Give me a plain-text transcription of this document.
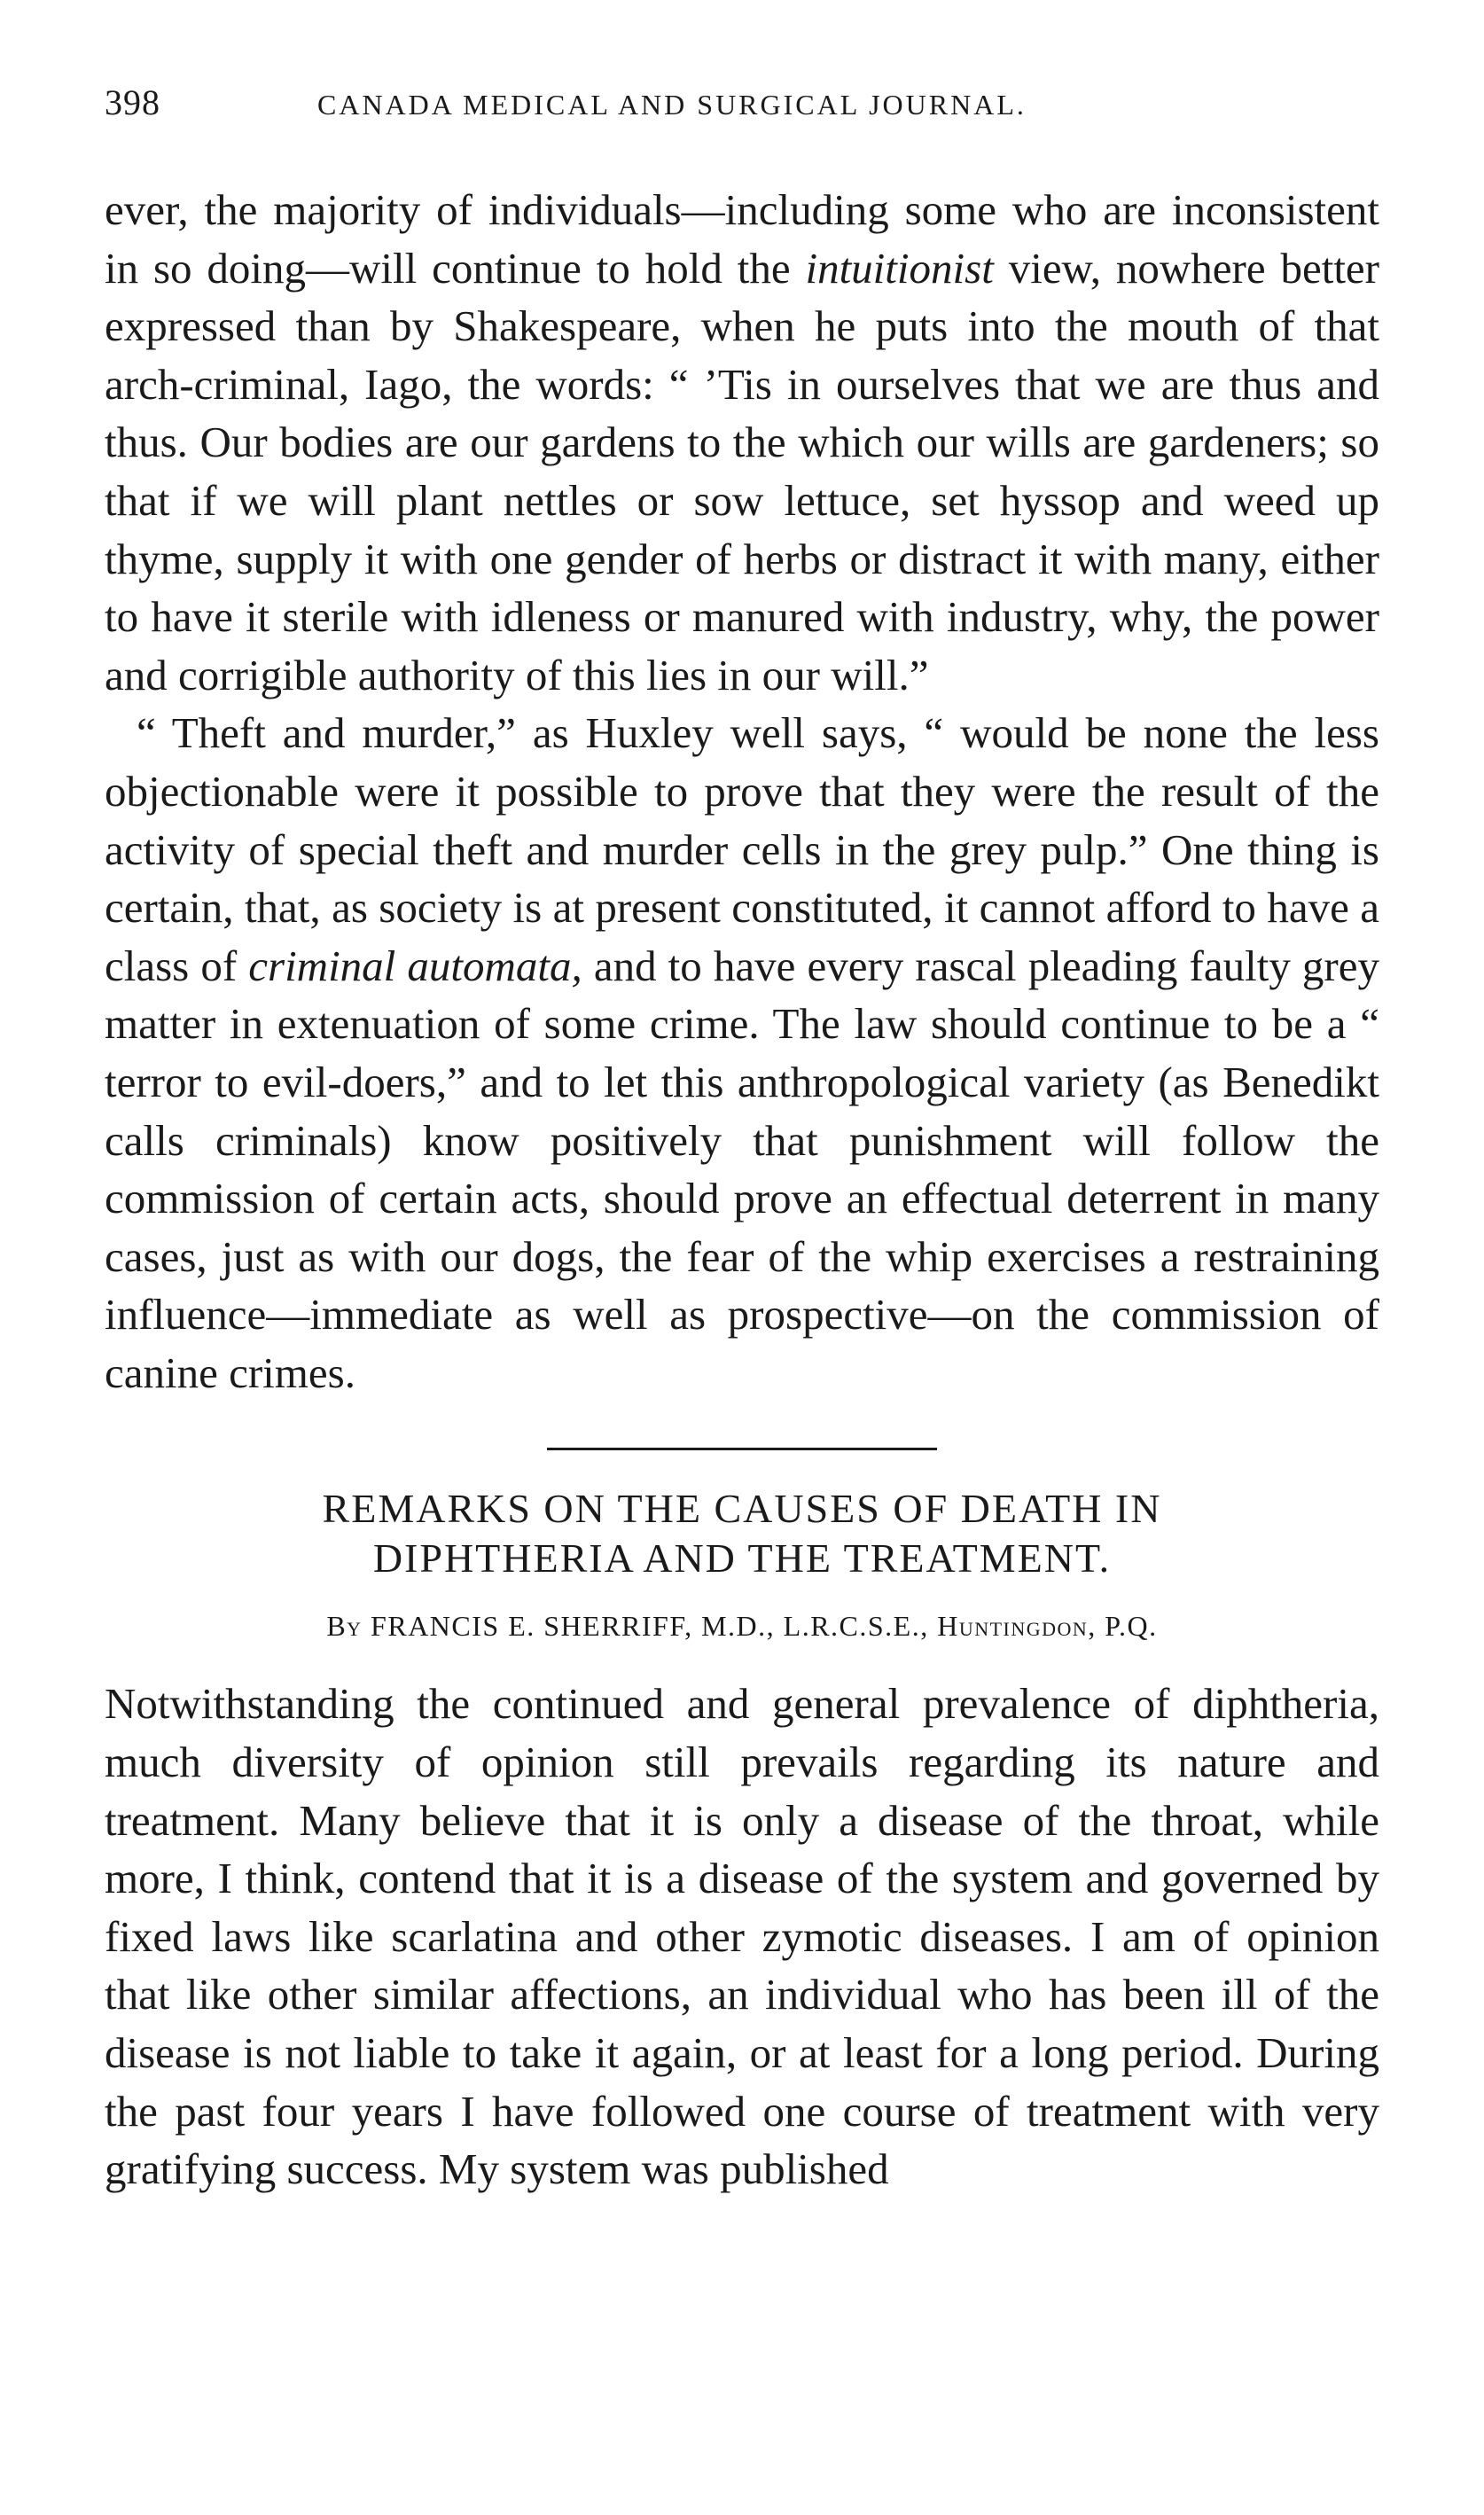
398	CANADA MEDICAL AND SURGICAL JOURNAL.

ever, the majority of individuals—including some who are inconsistent in so doing—will continue to hold the intuitionist view, nowhere better expressed than by Shakespeare, when he puts into the mouth of that arch-criminal, Iago, the words: “ ’Tis in ourselves that we are thus and thus. Our bodies are our gardens to the which our wills are gardeners; so that if we will plant nettles or sow lettuce, set hyssop and weed up thyme, supply it with one gender of herbs or distract it with many, either to have it sterile with idleness or manured with industry, why, the power and corrigible authority of this lies in our will.”

“ Theft and murder,” as Huxley well says, “ would be none the less objectionable were it possible to prove that they were the result of the activity of special theft and murder cells in the grey pulp.” One thing is certain, that, as society is at present constituted, it cannot afford to have a class of criminal automata, and to have every rascal pleading faulty grey matter in extenuation of some crime. The law should continue to be a “ terror to evil-doers,” and to let this anthropological variety (as Benedikt calls criminals) know positively that punishment will follow the commission of certain acts, should prove an effectual deterrent in many cases, just as with our dogs, the fear of the whip exercises a restraining influence—immediate as well as prospective—on the commission of canine crimes.

REMARKS ON THE CAUSES OF DEATH IN
DIPHTHERIA AND THE TREATMENT.
By FRANCIS E. SHERRIFF, M.D., L.R.C.S.E., Huntingdon, P.Q.

Notwithstanding the continued and general prevalence of diphtheria, much diversity of opinion still prevails regarding its nature and treatment. Many believe that it is only a disease of the throat, while more, I think, contend that it is a disease of the system and governed by fixed laws like scarlatina and other zymotic diseases. I am of opinion that like other similar affections, an individual who has been ill of the disease is not liable to take it again, or at least for a long period. During the past four years I have followed one course of treatment with very gratifying success. My system was published
